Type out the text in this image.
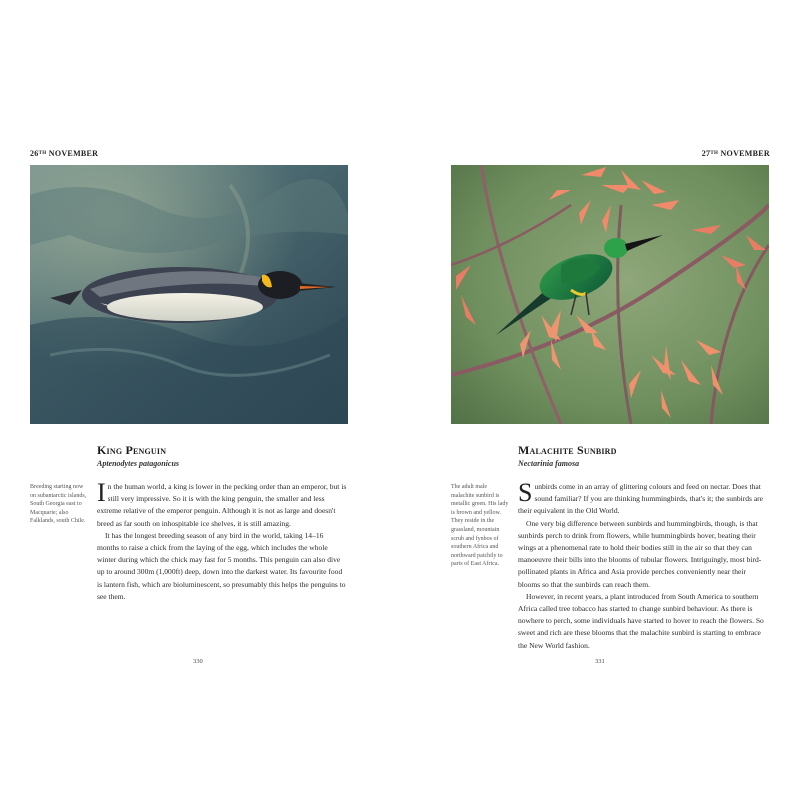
26TH NOVEMBER
King Penguin
Aptenodytes patagonicus
Breeding starting now on subantarctic islands, South Georgia east to Macquarie; also Falklands, south Chile.

In the human world, a king is lower in the pecking order than an emperor, but is still very impressive. So it is with the king penguin, the smaller and less extreme relative of the emperor penguin. Although it is not as large and doesn't breed as far south on inhospitable ice shelves, it is still amazing.

It has the longest breeding season of any bird in the world, taking 14–16 months to raise a chick from the laying of the egg, which includes the whole winter during which the chick may fast for 5 months. This penguin can also dive up to around 300m (1,000ft) deep, down into the darkest water. Its favourite food is lantern fish, which are bioluminescent, so presumably this helps the penguins to see them.

330
27TH NOVEMBER
Malachite Sunbird
Nectarinia famosa
The adult male malachite sunbird is metallic green. His lady is brown and yellow. They reside in the grassland, mountain scrub and fynbos of southern Africa and northward patchily to parts of East Africa.

Sunbirds come in an array of glittering colours and feed on nectar. Does that sound familiar? If you are thinking hummingbirds, that's it; the sunbirds are their equivalent in the Old World.

One very big difference between sunbirds and hummingbirds, though, is that sunbirds perch to drink from flowers, while hummingbirds hover, beating their wings at a phenomenal rate to hold their bodies still in the air so that they can manoeuvre their bills into the blooms of tubular flowers. Intriguingly, most bird-pollinated plants in Africa and Asia provide perches conveniently near their blooms so that the sunbirds can reach them.

However, in recent years, a plant introduced from South America to southern Africa called tree tobacco has started to change sunbird behaviour. As there is nowhere to perch, some individuals have started to hover to reach the flowers. So sweet and rich are these blooms that the malachite sunbird is starting to embrace the New World fashion.

331
